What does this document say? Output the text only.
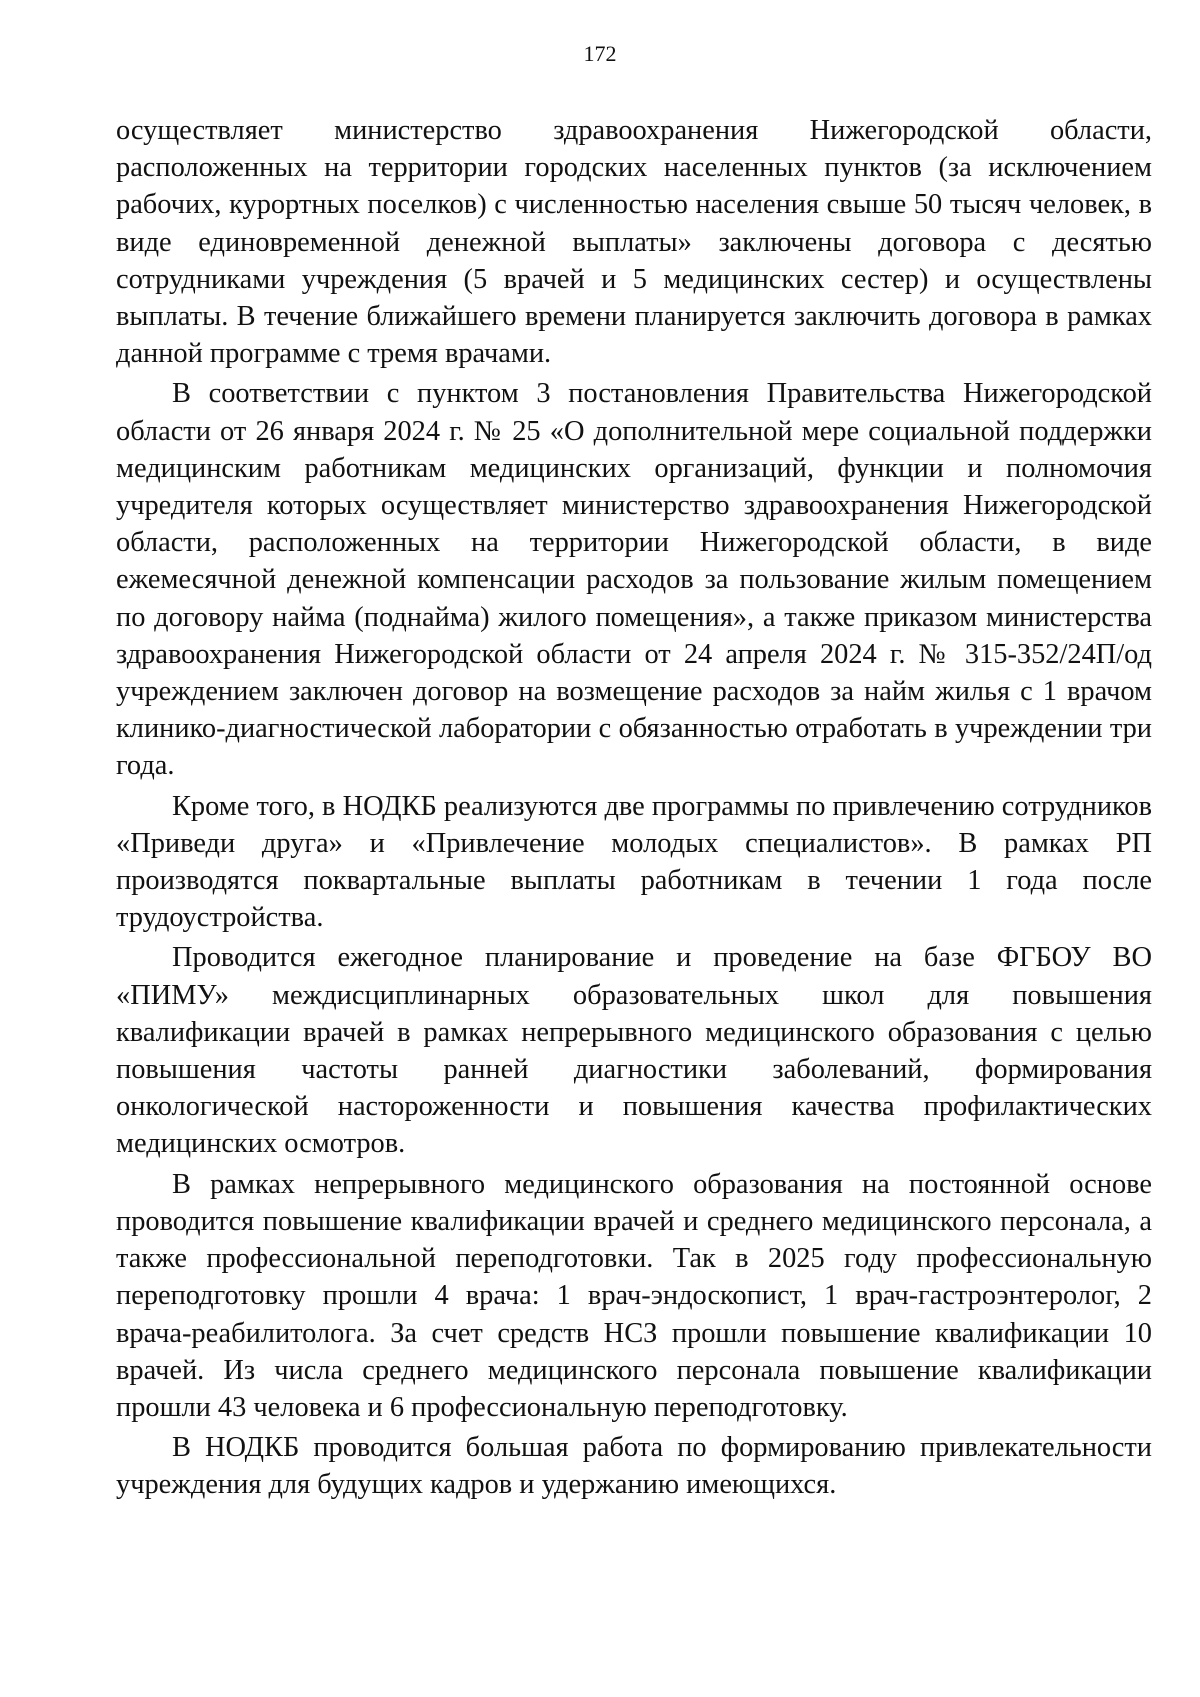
172

осуществляет министерство здравоохранения Нижегородской области, расположенных на территории городских населенных пунктов (за исключением рабочих, курортных поселков) с численностью населения свыше 50 тысяч человек, в виде единовременной денежной выплаты» заключены договора с десятью сотрудниками учреждения (5 врачей и 5 медицинских сестер) и осуществлены выплаты. В течение ближайшего времени планируется заключить договора в рамках данной программе с тремя врачами.

В соответствии с пунктом 3 постановления Правительства Нижегородской области от 26 января 2024 г. № 25 «О дополнительной мере социальной поддержки медицинским работникам медицинских организаций, функции и полномочия учредителя которых осуществляет министерство здравоохранения Нижегородской области, расположенных на территории Нижегородской области, в виде ежемесячной денежной компенсации расходов за пользование жилым помещением по договору найма (поднайма) жилого помещения», а также приказом министерства здравоохранения Нижегородской области от 24 апреля 2024 г. № 315-352/24П/од учреждением заключен договор на возмещение расходов за найм жилья с 1 врачом клинико-диагностической лаборатории с обязанностью отработать в учреждении три года.

Кроме того, в НОДКБ реализуются две программы по привлечению сотрудников «Приведи друга» и «Привлечение молодых специалистов». В рамках РП производятся поквартальные выплаты работникам в течении 1 года после трудоустройства.

Проводится ежегодное планирование и проведение на базе ФГБОУ ВО «ПИМУ» междисциплинарных образовательных школ для повышения квалификации врачей в рамках непрерывного медицинского образования с целью повышения частоты ранней диагностики заболеваний, формирования онкологической настороженности и повышения качества профилактических медицинских осмотров.

В рамках непрерывного медицинского образования на постоянной основе проводится повышение квалификации врачей и среднего медицинского персонала, а также профессиональной переподготовки. Так в 2025 году профессиональную переподготовку прошли 4 врача: 1 врач-эндоскопист, 1 врач-гастроэнтеролог, 2 врача-реабилитолога. За счет средств НСЗ прошли повышение квалификации 10 врачей. Из числа среднего медицинского персонала повышение квалификации прошли 43 человека и 6 профессиональную переподготовку.

В НОДКБ проводится большая работа по формированию привлекательности учреждения для будущих кадров и удержанию имеющихся.
